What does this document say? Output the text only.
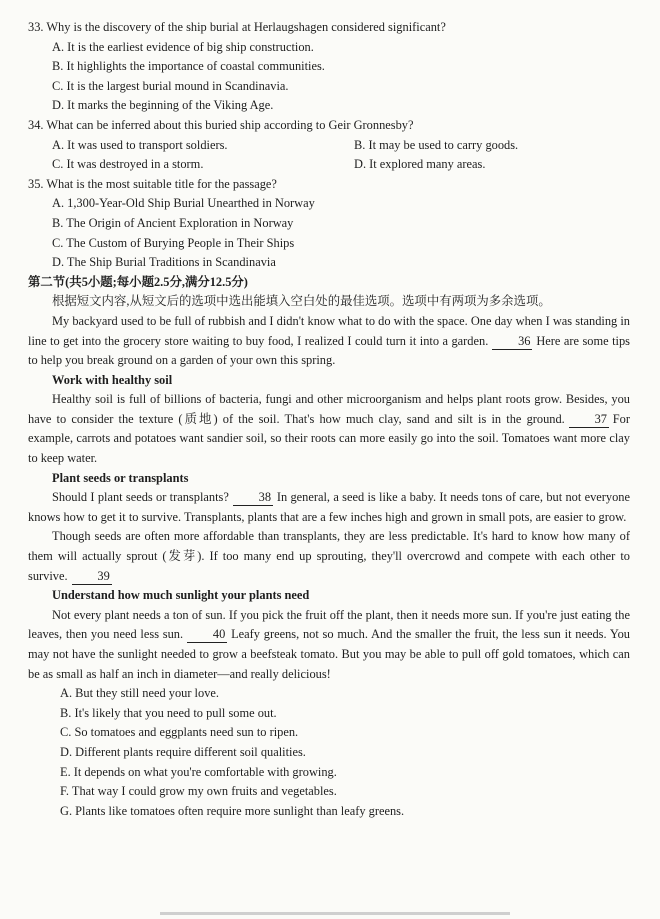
33. Why is the discovery of the ship burial at Herlaugshagen considered significant?
A. It is the earliest evidence of big ship construction.
B. It highlights the importance of coastal communities.
C. It is the largest burial mound in Scandinavia.
D. It marks the beginning of the Viking Age.
34. What can be inferred about this buried ship according to Geir Gronnesby?
A. It was used to transport soldiers.	B. It may be used to carry goods.
C. It was destroyed in a storm.	D. It explored many areas.
35. What is the most suitable title for the passage?
A. 1,300-Year-Old Ship Burial Unearthed in Norway
B. The Origin of Ancient Exploration in Norway
C. The Custom of Burying People in Their Ships
D. The Ship Burial Traditions in Scandinavia
第二节(共5小题;每小题2.5分,满分12.5分)
根据短文内容,从短文后的选项中选出能填入空白处的最佳选项。选项中有两项为多余选项。

My backyard used to be full of rubbish and I didn't know what to do with the space. One day when I was standing in line to get into the grocery store waiting to buy food, I realized I could turn it into a garden. 36 Here are some tips to help you break ground on a garden of your own this spring.

Work with healthy soil

Healthy soil is full of billions of bacteria, fungi and other microorganism and helps plant roots grow. Besides, you have to consider the texture (质地) of the soil. That's how much clay, sand and silt is in the ground. 37 For example, carrots and potatoes want sandier soil, so their roots can more easily go into the soil. Tomatoes want more clay to keep water.

Plant seeds or transplants

Should I plant seeds or transplants? 38 In general, a seed is like a baby. It needs tons of care, but not everyone knows how to get it to survive. Transplants, plants that are a few inches high and grown in small pots, are easier to grow.

Though seeds are often more affordable than transplants, they are less predictable. It's hard to know how many of them will actually sprout (发芽). If too many end up sprouting, they'll overcrowd and compete with each other to survive. 39

Understand how much sunlight your plants need

Not every plant needs a ton of sun. If you pick the fruit off the plant, then it needs more sun. If you're just eating the leaves, then you need less sun. 40 Leafy greens, not so much. And the smaller the fruit, the less sun it needs. You may not have the sunlight needed to grow a beefsteak tomato. But you may be able to pull off gold tomatoes, which can be as small as half an inch in diameter—and really delicious!

A. But they still need your love.
B. It's likely that you need to pull some out.
C. So tomatoes and eggplants need sun to ripen.
D. Different plants require different soil qualities.
E. It depends on what you're comfortable with growing.
F. That way I could grow my own fruits and vegetables.
G. Plants like tomatoes often require more sunlight than leafy greens.
